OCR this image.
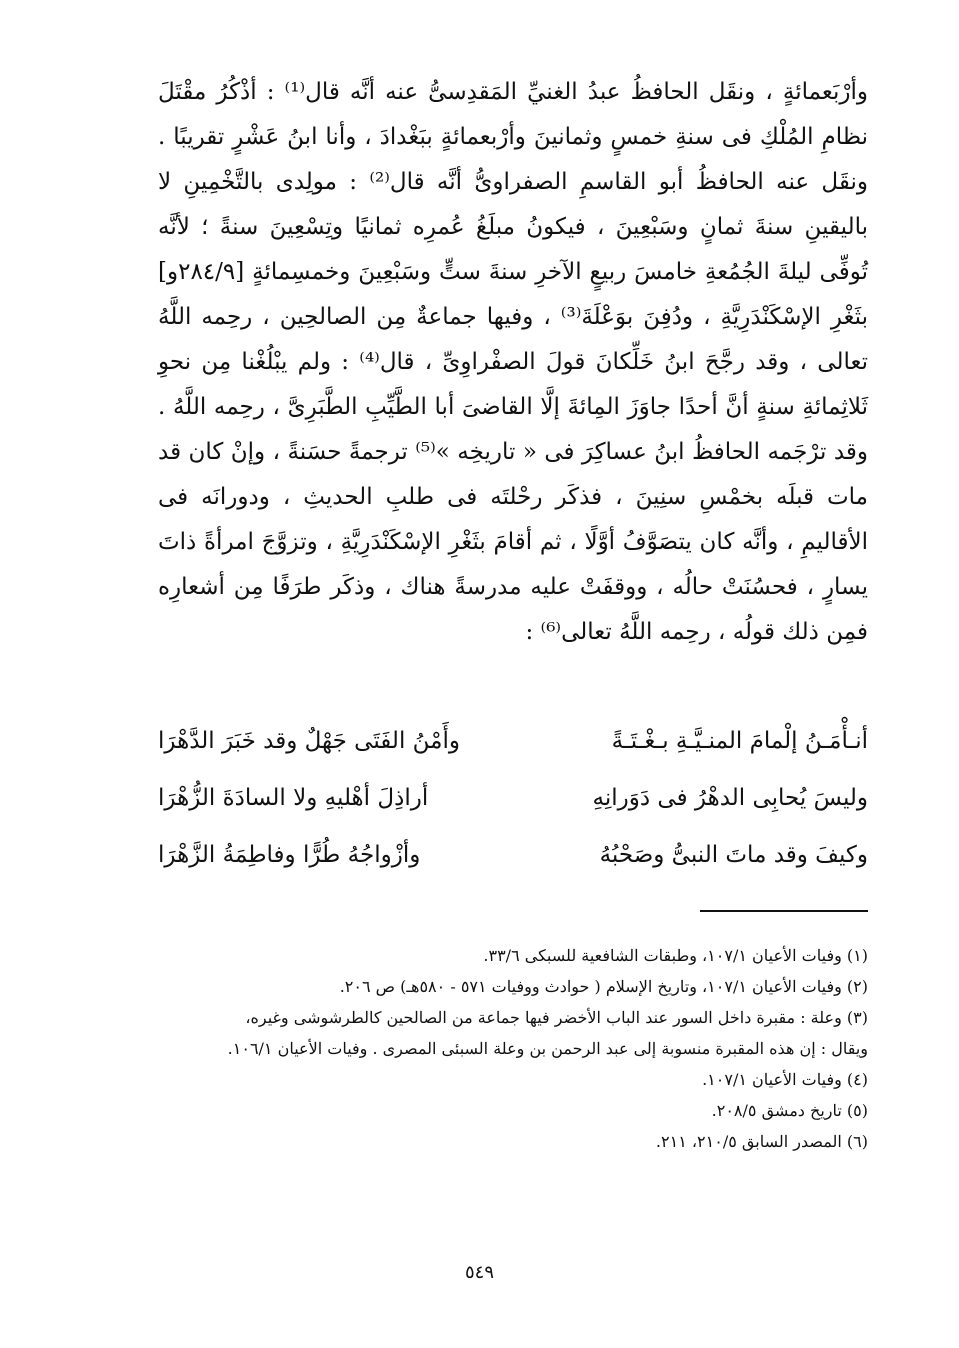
وأرْبَعمائةٍ ، ونقَل الحافظُ عبدُ الغنيِّ المَقدِسىُّ عنه أنَّه قال⁽¹⁾ : أذْكُرُ مقْتَلَ نظامِ المُلْكِ فى سنةِ خمسٍ وثمانينَ وأرْبعمائةٍ ببَغْدادَ ، وأنا ابنُ عَشْرٍ تقريبًا . ونقَل عنه الحافظُ أبو القاسمِ الصفراوىُّ أنَّه قال⁽²⁾ : مولِدى بالتَّخْمِينِ لا باليقينِ سنةَ ثمانٍ وسَبْعِينَ ، فيكونُ مبلَغُ عُمرِه ثمانيًا وتِسْعِينَ سنةً ؛ لأنَّه تُوفِّى ليلةَ الجُمُعةِ خامسَ ربيعٍ الآخرِ سنةَ ستٍّ وسَبْعِينَ وخمسِمائةٍ [٢٨٤/٩و] بثَغْرِ الإسْكَنْدَرِيَّةِ ، ودُفِنَ بوَعْلَةَ⁽³⁾ ، وفيها جماعةٌ مِن الصالحِين ، رحِمه اللَّهُ تعالى ، وقد رجَّحَ ابنُ خَلِّكانَ قولَ الصفْراوِىِّ ، قال⁽⁴⁾ : ولم يبْلُغْنا مِن نحوِ ثَلاثِمائةِ سنةٍ أنَّ أحدًا جاوَزَ المِائةَ إلَّا القاضىَ أبا الطَّيِّبِ الطَّبَرِىَّ ، رحِمه اللَّهُ . وقد ترْجَمه الحافظُ ابنُ عساكِرَ فى « تاريخِه »⁽⁵⁾ ترجمةً حسَنةً ، وإنْ كان قد مات قبلَه بخمْسِ سنِينَ ، فذكَر رحْلتَه فى طلبِ الحديثِ ، ودورانَه فى الأقاليمِ ، وأنَّه كان يتصَوَّفُ أوَّلًا ، ثم أقامَ بثَغْرِ الإسْكَنْدَرِيَّةِ ، وتزوَّجَ امرأةً ذاتَ يسارٍ ، فحسُنَتْ حالُه ، ووقفَتْ عليه مدرسةً هناك ، وذكَر طرَفًا مِن أشعارِه فمِن ذلك قولُه ، رحِمه اللَّهُ تعالى⁽⁶⁾ :

أنـأْمَـنُ إلْمامَ المنـيَّـةِ بـغْـتَـةً
وأَمْنُ الفَتَى جَهْلٌ وقد خَبَرَ الدَّهْرَا
وليسَ يُحابِى الدهْرُ فى دَوَرانِهِ
أراذِلَ أهْليهِ ولا السادَةَ الزُّهْرَا
وكيفَ وقد ماتَ النبىُّ وصَحْبُهُ
وأزْواجُهُ طُرًّا وفاطِمَةُ الزَّهْرَا

(١) وفيات الأعيان ١٠٧/١، وطبقات الشافعية للسبكى ٣٣/٦.

(٢) وفيات الأعيان ١٠٧/١، وتاريخ الإسلام ( حوادث ووفيات ٥٧١ - ٥٨٠هـ) ص ٢٠٦.

(٣) وعلة : مقبرة داخل السور عند الباب الأخضر فيها جماعة من الصالحين كالطرشوشى وغيره،

ويقال : إن هذه المقبرة منسوبة إلى عبد الرحمن بن وعلة السبئى المصرى . وفيات الأعيان ١٠٦/١.

(٤) وفيات الأعيان ١٠٧/١.

(٥) تاريخ دمشق ٢٠٨/٥.

(٦) المصدر السابق ٢١٠/٥، ٢١١.

٥٤٩
